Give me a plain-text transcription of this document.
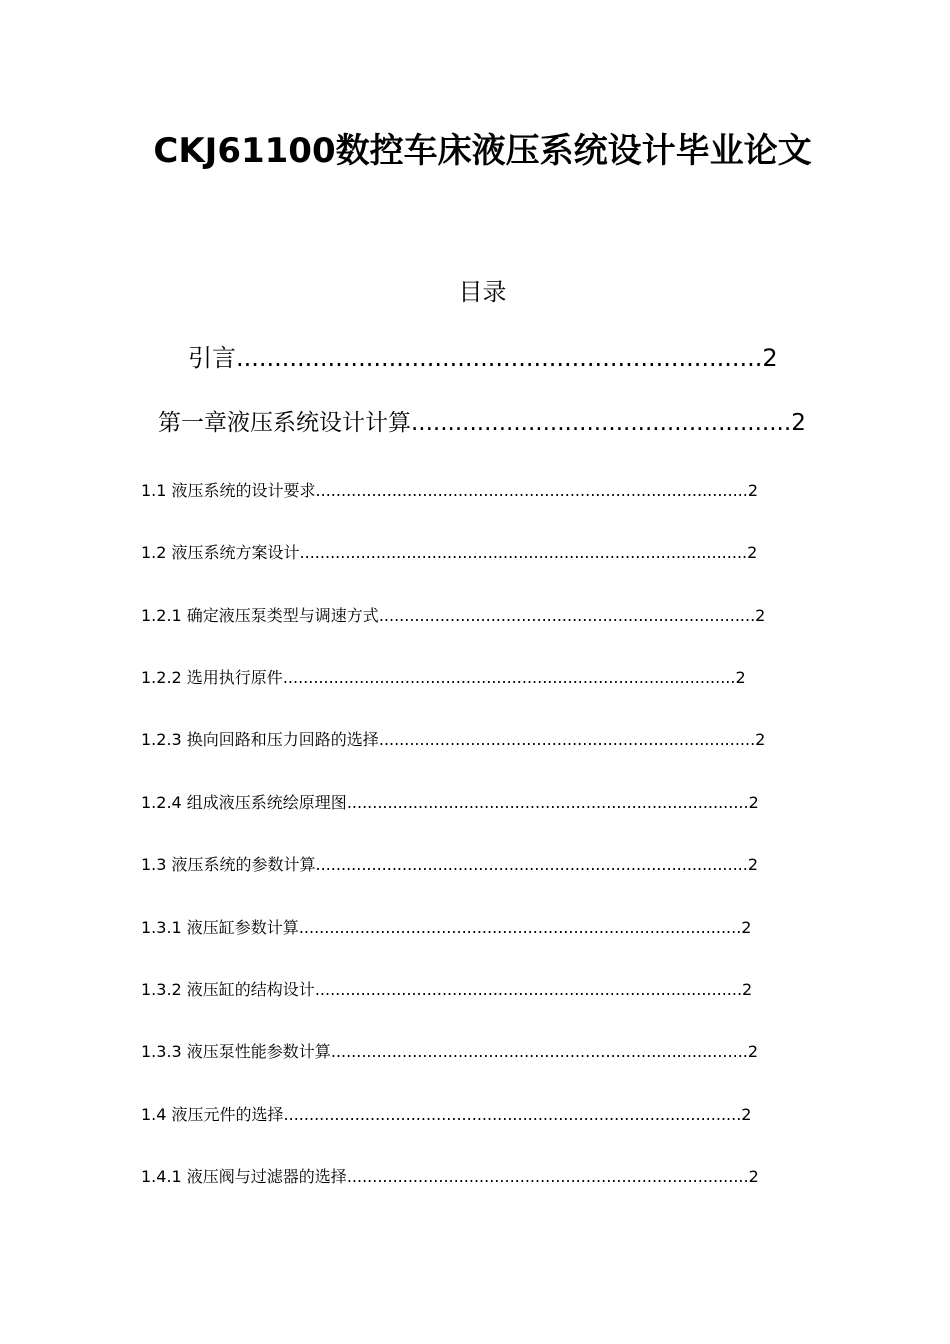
CKJ61100数控车床液压系统设计毕业论文
目录
引言.....................................................................2
第一章液压系统设计计算....................................................2
1.1 液压系统的设计要求.....................................................................................2
1.2 液压系统方案设计........................................................................................2
1.2.1 确定液压泵类型与调速方式..........................................................................2
1.2.2 选用执行原件.........................................................................................2
1.2.3 换向回路和压力回路的选择..........................................................................2
1.2.4 组成液压系统绘原理图...............................................................................2
1.3 液压系统的参数计算.....................................................................................2
1.3.1 液压缸参数计算.......................................................................................2
1.3.2 液压缸的结构设计....................................................................................2
1.3.3 液压泵性能参数计算..................................................................................2
1.4 液压元件的选择..........................................................................................2
1.4.1 液压阀与过滤器的选择...............................................................................2
